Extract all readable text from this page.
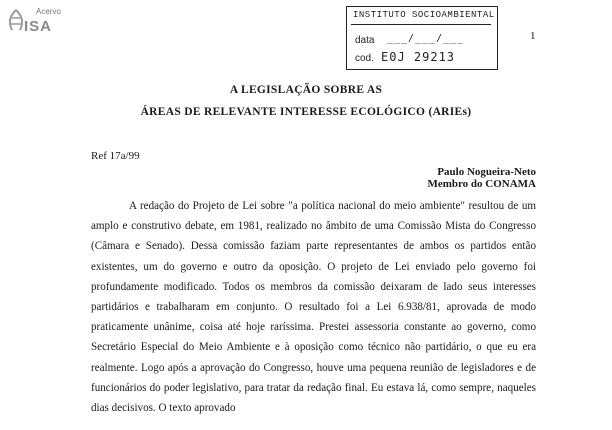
Acervo
ISA
INSTITUTO SOCIOAMBIENTAL
data ___/___/___
cod. E0J 29213
1
A LEGISLAÇÃO SOBRE AS
ÁREAS DE RELEVANTE INTERESSE ECOLÓGICO (ARIEs)
Ref 17a/99
Paulo Nogueira-Neto
Membro do CONAMA

A redação do Projeto de Lei sobre "a política nacional do meio ambiente" resultou de um amplo e construtivo debate, em 1981, realizado no âmbito de uma Comissão Mista do Congresso (Câmara e Senado). Dessa comissão faziam parte representantes de ambos os partidos então existentes, um do governo e outro da oposição. O projeto de Lei enviado pelo governo foi profundamente modificado. Todos os membros da comissão deixaram de lado seus interesses partidários e trabalharam em conjunto. O resultado foi a Lei 6.938/81, aprovada de modo praticamente unânime, coisa até hoje raríssima. Prestei assessoria constante ao governo, como Secretário Especial do Meio Ambiente e à oposição como técnico não partidário, o que eu era realmente. Logo após a aprovação do Congresso, houve uma pequena reunião de legisladores e de funcionários do poder legislativo, para tratar da redação final. Eu estava lá, como sempre, naqueles dias decisivos. O texto aprovado
